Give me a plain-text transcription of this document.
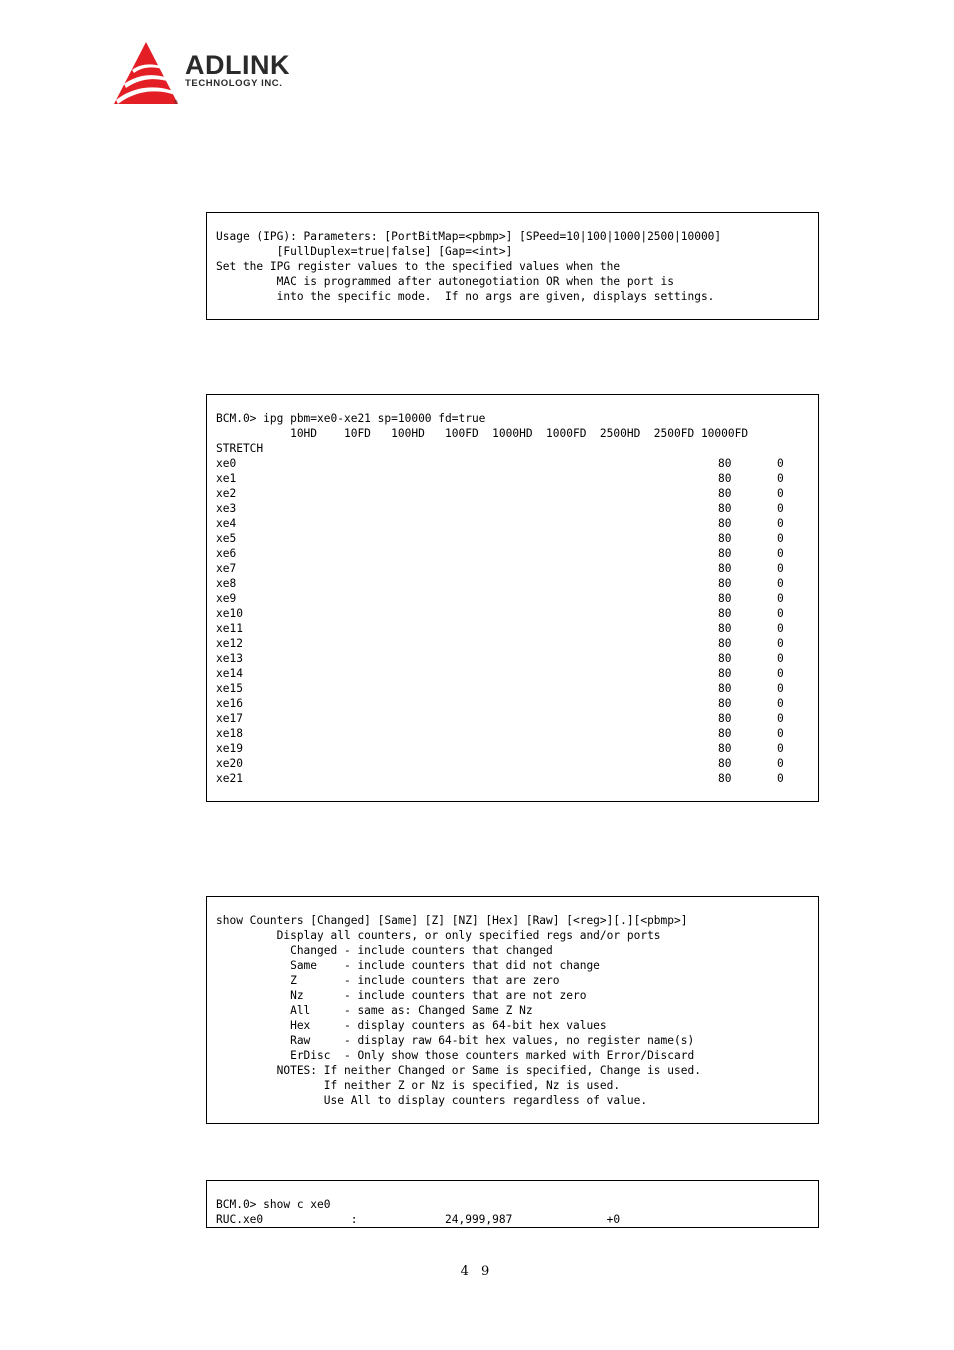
®
ADLINK
TECHNOLOGY INC.
Usage (IPG): Parameters: [PortBitMap=<pbmp>] [SPeed=10|100|1000|2500|10000]
[FullDuplex=true|false] [Gap=<int>]
Set the IPG register values to the specified values when the
MAC is programmed after autonegotiation OR when the port is
into the specific mode.  If no args are given, displays settings.
BCM.0> ipg pbm=xe0-xe21 sp=10000 fd=true
10HD    10FD   100HD   100FD  1000HD  1000FD  2500HD  2500FD 10000FD
STRETCH
xe0	80	0
xe1	80	0
xe2	80	0
xe3	80	0
xe4	80	0
xe5	80	0
xe6	80	0
xe7	80	0
xe8	80	0
xe9	80	0
xe10	80	0
xe11	80	0
xe12	80	0
xe13	80	0
xe14	80	0
xe15	80	0
xe16	80	0
xe17	80	0
xe18	80	0
xe19	80	0
xe20	80	0
xe21	80	0
show Counters [Changed] [Same] [Z] [NZ] [Hex] [Raw] [<reg>][.][<pbmp>]
Display all counters, or only specified regs and/or ports
Changed - include counters that changed
Same    - include counters that did not change
Z       - include counters that are zero
Nz      - include counters that are not zero
All     - same as: Changed Same Z Nz
Hex     - display counters as 64-bit hex values
Raw     - display raw 64-bit hex values, no register name(s)
ErDisc  - Only show those counters marked with Error/Discard
NOTES: If neither Changed or Same is specified, Change is used.
If neither Z or Nz is specified, Nz is used.
Use All to display counters regardless of value.
BCM.0> show c xe0
RUC.xe0             :             24,999,987              +0
4 9
